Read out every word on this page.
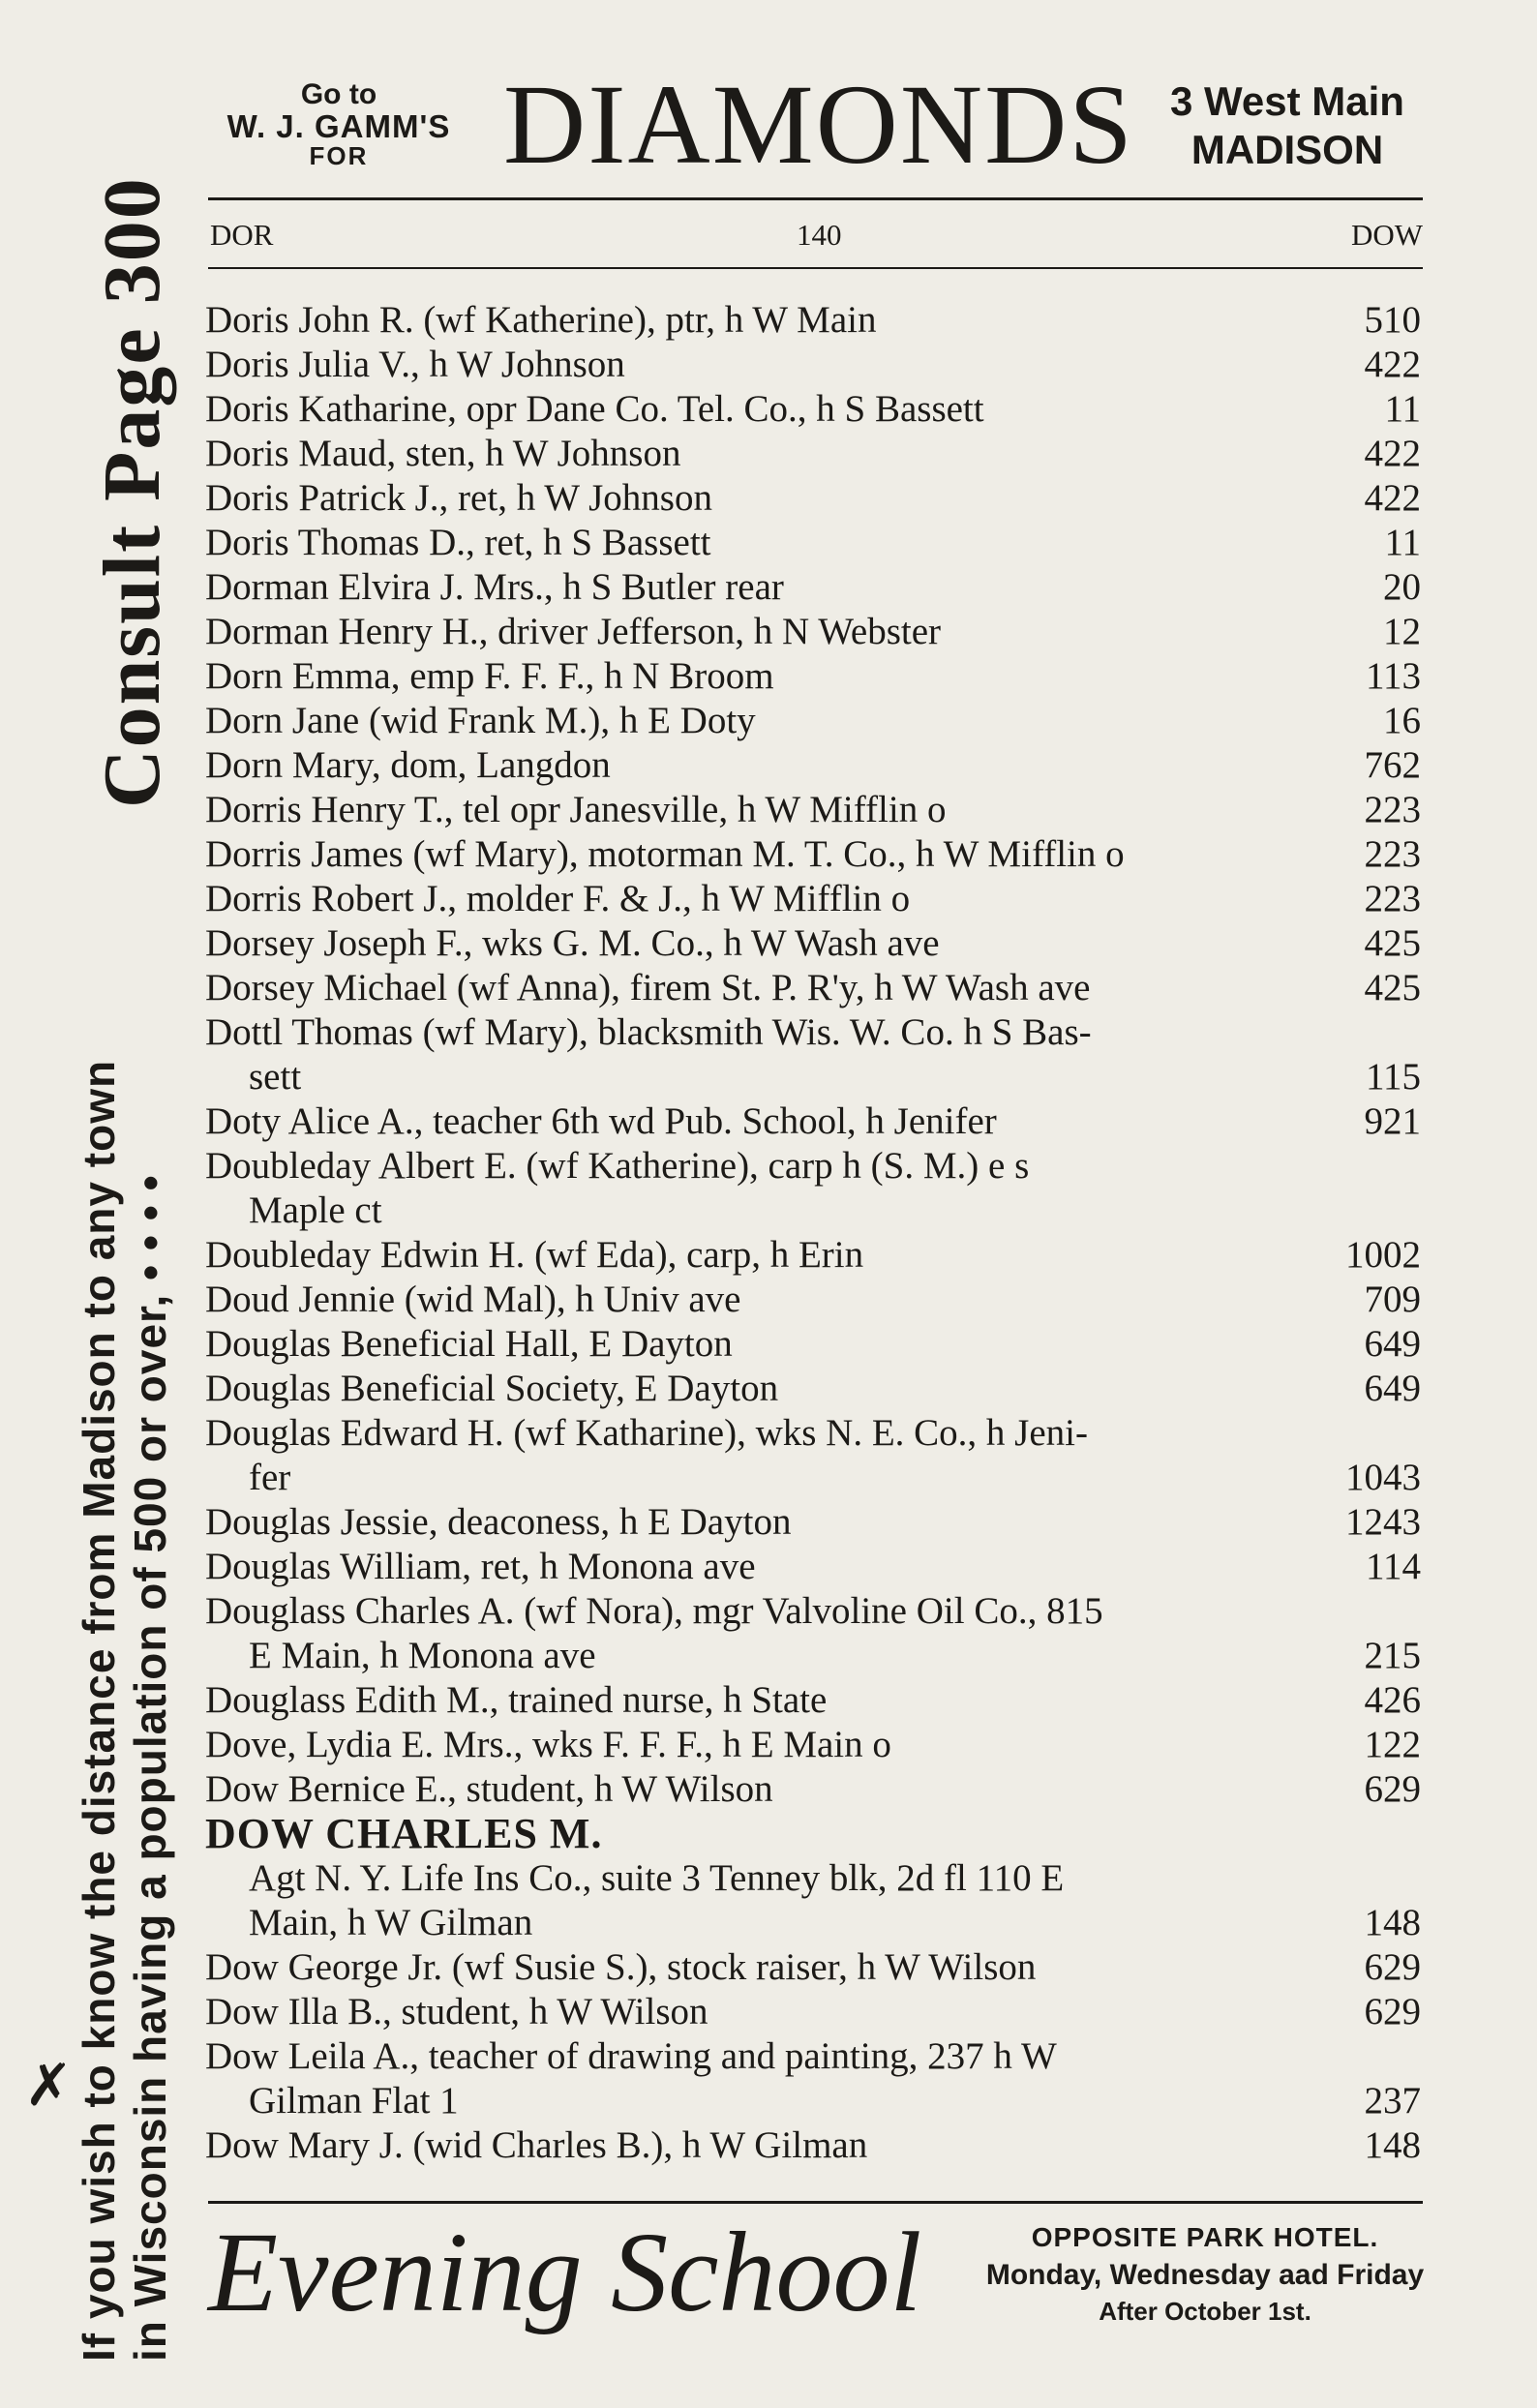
Consult Page 300
If you wish to know the distance from Madison to any town in Wisconsin having a population of 500 or over, • • • •
✗
Go to
W. J. GAMM'S
FOR	DIAMONDS 3 West Main
MADISON
DOR	140	DOW
Doris John R. (wf Katherine), ptr, h W Main	510
Doris Julia V., h W Johnson	422
Doris Katharine, opr Dane Co. Tel. Co., h S Bassett	11
Doris Maud, sten, h W Johnson	422
Doris Patrick J., ret, h W Johnson	422
Doris Thomas D., ret, h S Bassett	11
Dorman Elvira J. Mrs., h S Butler rear	20
Dorman Henry H., driver Jefferson, h N Webster	12
Dorn Emma, emp F. F. F., h N Broom	113
Dorn Jane (wid Frank M.), h E Doty	16
Dorn Mary, dom, Langdon	762
Dorris Henry T., tel opr Janesville, h W Mifflin o	223
Dorris James (wf Mary), motorman M. T. Co., h W Mifflin o	223
Dorris Robert J., molder F. & J., h W Mifflin o	223
Dorsey Joseph F., wks G. M. Co., h W Wash ave	425
Dorsey Michael (wf Anna), firem St. P. R'y, h W Wash ave	425
Dottl Thomas (wf Mary), blacksmith Wis. W. Co. h S Bas-
sett	115
Doty Alice A., teacher 6th wd Pub. School, h Jenifer	921
Doubleday Albert E. (wf Katherine), carp h (S. M.) e s
Maple ct
Doubleday Edwin H. (wf Eda), carp, h Erin	1002
Doud Jennie (wid Mal), h Univ ave	709
Douglas Beneficial Hall, E Dayton	649
Douglas Beneficial Society, E Dayton	649
Douglas Edward H. (wf Katharine), wks N. E. Co., h Jeni-
fer	1043
Douglas Jessie, deaconess, h E Dayton	1243
Douglas William, ret, h Monona ave	114
Douglass Charles A. (wf Nora), mgr Valvoline Oil Co., 815
E Main, h Monona ave	215
Douglass Edith M., trained nurse, h State	426
Dove, Lydia E. Mrs., wks F. F. F., h E Main o	122
Dow Bernice E., student, h W Wilson	629
DOW CHARLES M.
Agt N. Y. Life Ins Co., suite 3 Tenney blk, 2d fl 110 E
Main, h W Gilman	148
Dow George Jr. (wf Susie S.), stock raiser, h W Wilson	629
Dow Illa B., student, h W Wilson	629
Dow Leila A., teacher of drawing and painting, 237 h W
Gilman Flat 1	237
Dow Mary J. (wid Charles B.), h W Gilman	148
Evening School	OPPOSITE PARK HOTEL.
Monday, Wednesday aad Friday
After October 1st.
